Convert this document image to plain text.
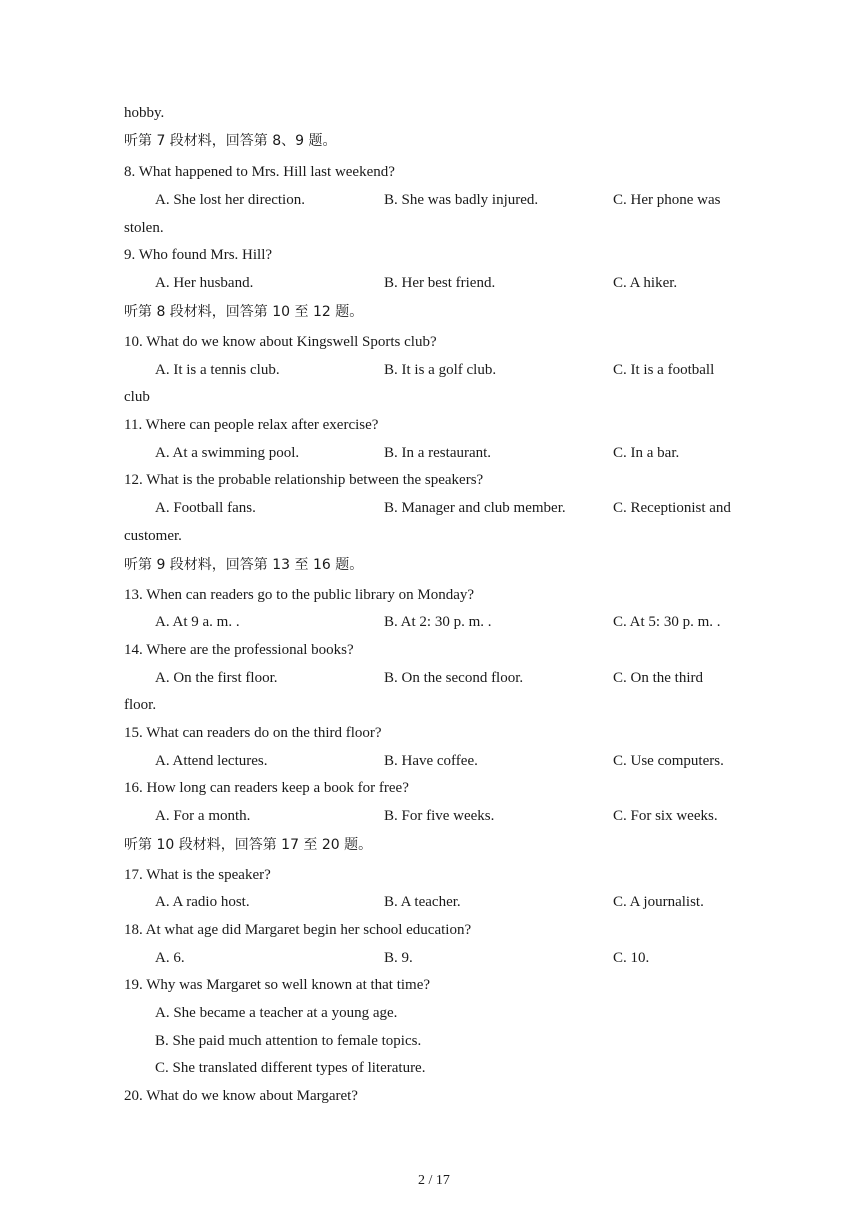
hobby.
听第 7 段材料，回答第 8、9 题。
8. What happened to Mrs. Hill last weekend?
A. She lost her direction.	B. She was badly injured.	C. Her phone was
stolen.
9. Who found Mrs. Hill?
A. Her husband.	B. Her best friend.	C. A hiker.
听第 8 段材料，回答第 10 至 12 题。
10. What do we know about Kingswell Sports club?
A. It is a tennis club.	B. It is a golf club.	C. It is a football
club
11. Where can people relax after exercise?
A. At a swimming pool.	B. In a restaurant.	C. In a bar.
12. What is the probable relationship between the speakers?
A. Football fans.	B. Manager and club member.	C. Receptionist and
customer.
听第 9 段材料，回答第 13 至 16 题。
13. When can readers go to the public library on Monday?
A. At 9 a. m. .	B. At 2: 30 p. m. .	C. At 5: 30 p. m. .
14. Where are the professional books?
A. On the first floor.	B. On the second floor.	C. On the third
floor.
15. What can readers do on the third floor?
A. Attend lectures.	B. Have coffee.	C. Use computers.
16. How long can readers keep a book for free?
A. For a month.	B. For five weeks.	C. For six weeks.
听第 10 段材料，回答第 17 至 20 题。
17. What is the speaker?
A. A radio host.	B. A teacher.	C. A journalist.
18. At what age did Margaret begin her school education?
A. 6.	B. 9.	C. 10.
19. Why was Margaret so well known at that time?
A. She became a teacher at a young age.
B. She paid much attention to female topics.
C. She translated different types of literature.
20. What do we know about Margaret?
2 / 17
